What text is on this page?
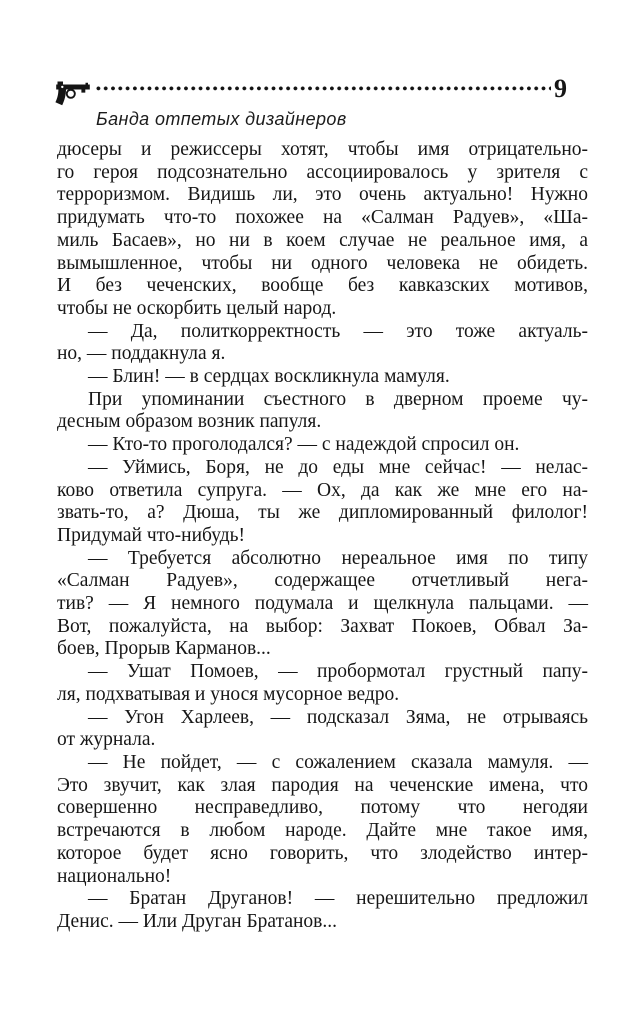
9
Банда отпетых дизайнеров
дюсеры и режиссеры хотят, чтобы имя отрицательно-
го героя подсознательно ассоциировалось у зрителя с
терроризмом. Видишь ли, это очень актуально! Нужно
придумать что-то похожее на «Салман Радуев», «Ша-
миль Басаев», но ни в коем случае не реальное имя, а
вымышленное, чтобы ни одного человека не обидеть.
И без чеченских, вообще без кавказских мотивов,
чтобы не оскорбить целый народ.
— Да, политкорректность — это тоже актуаль-
но, — поддакнула я.
— Блин! — в сердцах воскликнула мамуля.
При упоминании съестного в дверном проеме чу-
десным образом возник папуля.
— Кто-то проголодался? — с надеждой спросил он.
— Уймись, Боря, не до еды мне сейчас! — нелас-
ково ответила супруга. — Ох, да как же мне его на-
звать-то, а? Дюша, ты же дипломированный филолог!
Придумай что-нибудь!
— Требуется абсолютно нереальное имя по типу
«Салман Радуев», содержащее отчетливый нега-
тив? — Я немного подумала и щелкнула пальцами. —
Вот, пожалуйста, на выбор: Захват Покоев, Обвал За-
боев, Прорыв Карманов...
— Ушат Помоев, — пробормотал грустный папу-
ля, подхватывая и унося мусорное ведро.
— Угон Харлеев, — подсказал Зяма, не отрываясь
от журнала.
— Не пойдет, — с сожалением сказала мамуля. —
Это звучит, как злая пародия на чеченские имена, что
совершенно несправедливо, потому что негодяи
встречаются в любом народе. Дайте мне такое имя,
которое будет ясно говорить, что злодейство интер-
национально!
— Братан Друганов! — нерешительно предложил
Денис. — Или Друган Братанов...
